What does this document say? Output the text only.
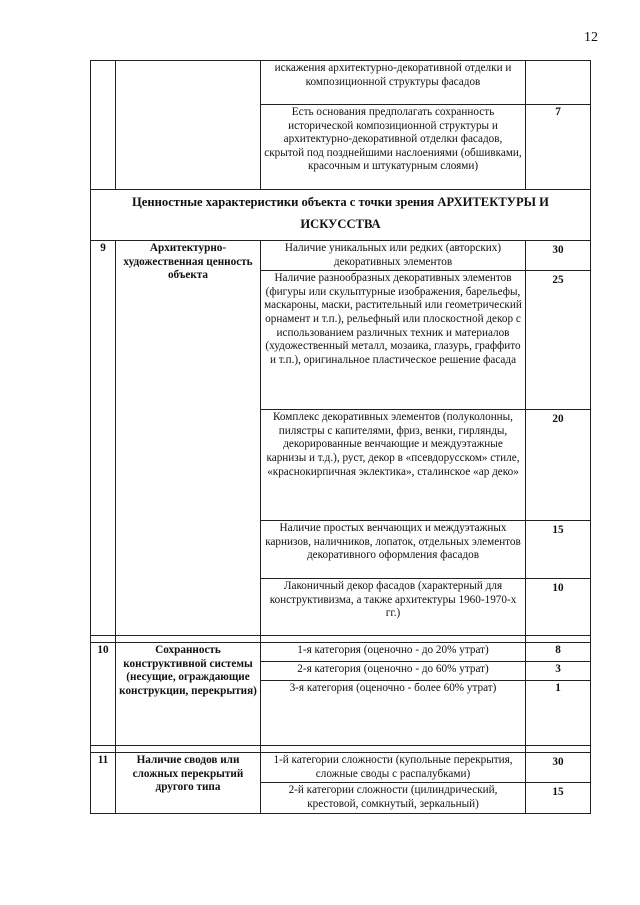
12
		искажения архитектурно-декоративной отделки и композиционной структуры фасадов	
		Есть основания предполагать сохранность исторической композиционной структуры и архитектурно-декоративной отделки фасадов, скрытой под позднейшими наслоениями (обшивками, красочным и штукатурным слоями)	7
Ценностные характеристики объекта с точки зрения АРХИТЕКТУРЫ И ИСКУССТВА			
9	Архитектурно-художественная ценность объекта	Наличие уникальных или редких (авторских) декоративных элементов	30
		Наличие разнообразных декоративных элементов (фигуры или скульптурные изображения, барельефы, маскароны, маски, растительный или геометрический орнамент и т.п.), рельефный или плоскостной декор с использованием различных техник и материалов (художественный металл, мозаика, глазурь, граффито и т.п.), оригинальное пластическое решение фасада	25
		Комплекс декоративных элементов (полуколонны, пилястры с капителями, фриз, венки, гирлянды, декорированные венчающие и междуэтажные карнизы и т.д.), руст, декор в «псевдорусском» стиле, «краснокирпичная эклектика», сталинское «ар деко»	20
		Наличие простых венчающих и междуэтажных карнизов, наличников, лопаток, отдельных элементов декоративного оформления фасадов	15
		Лаконичный декор фасадов (характерный для конструктивизма, а также архитектуры 1960-1970-х гг.)	10

10	Сохранность конструктивной системы (несущие, ограждающие конструкции, перекрытия)	1-я категория (оценочно - до 20% утрат)	8
		2-я категория (оценочно - до 60% утрат)	3
		3-я категория (оценочно - более 60% утрат)	1

11	Наличие сводов или сложных перекрытий другого типа	1-й категории сложности (купольные перекрытия, сложные своды с распалубками)	30
		2-й категории сложности (цилиндрический, крестовой, сомкнутый, зеркальный)	15
